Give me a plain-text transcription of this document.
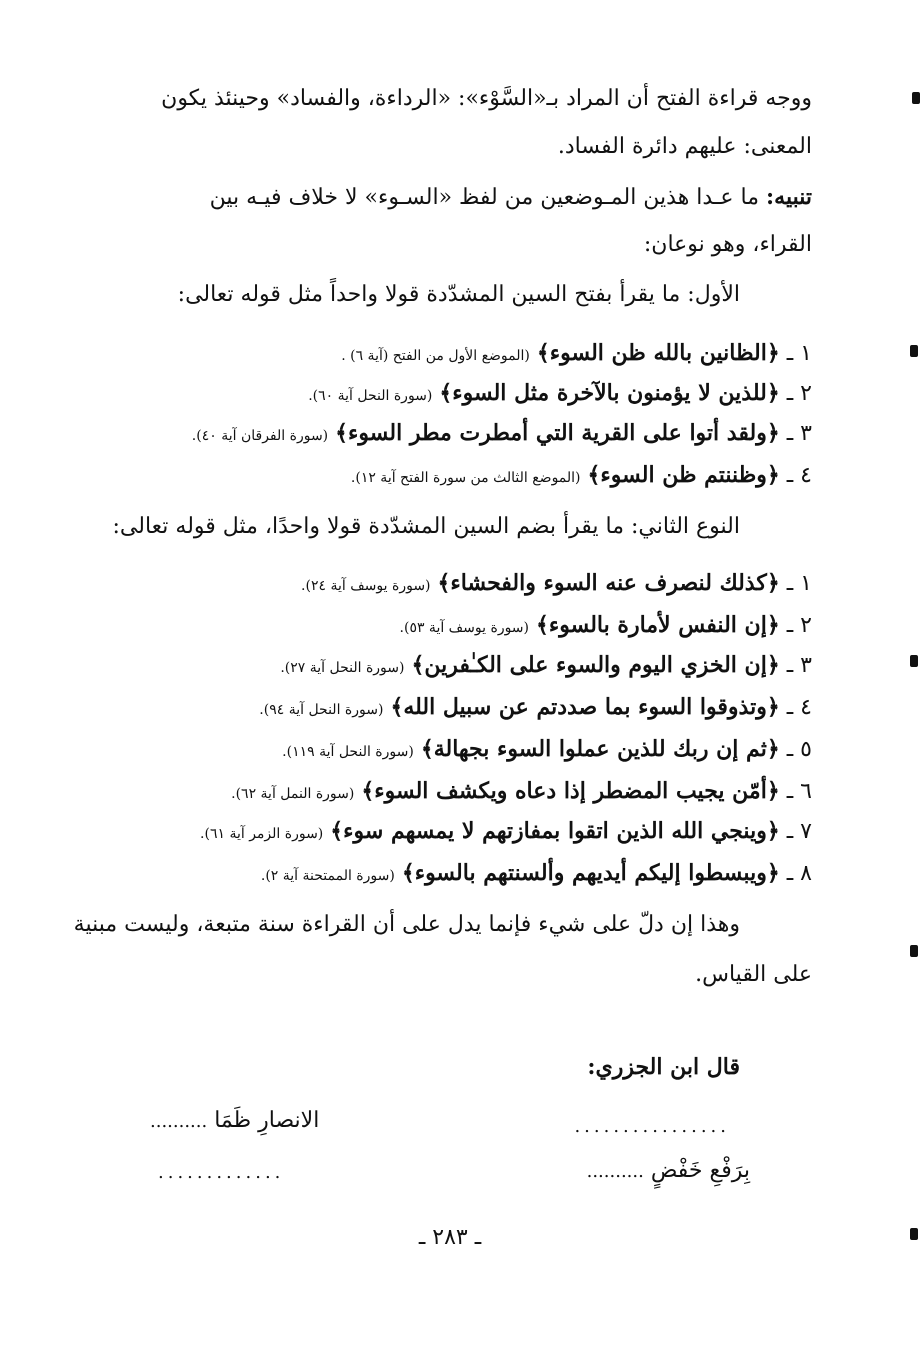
ووجه قراءة الفتح أن المراد بـ«السَّوْء»: «الرداءة، والفساد» وحينئذ يكون
المعنى: عليهم دائرة الفساد.
تنبيه: ما عـدا هذين المـوضعين من لفظ «السـوء» لا خلاف فيـه بين
القراء، وهو نوعان:
الأول: ما يقرأ بفتح السين المشدّدة قولا واحداً مثل قوله تعالى:
١ ـ ﴿الظانين بالله ظن السوء﴾ (الموضع الأول من الفتح (آية ٦) .
٢ ـ ﴿للذين لا يؤمنون بالآخرة مثل السوء﴾ (سورة النحل آية ٦٠).
٣ ـ ﴿ولقد أتوا على القرية التي أمطرت مطر السوء﴾ (سورة الفرقان آية ٤٠).
٤ ـ ﴿وظننتم ظن السوء﴾ (الموضع الثالث من سورة الفتح آية ١٢).
النوع الثاني: ما يقرأ بضم السين المشدّدة قولا واحدًا، مثل قوله تعالى:
١ ـ ﴿كذلك لنصرف عنه السوء والفحشاء﴾ (سورة يوسف آية ٢٤).
٢ ـ ﴿إن النفس لأمارة بالسوء﴾ (سورة يوسف آية ٥٣).
٣ ـ ﴿إن الخزي اليوم والسوء على الكـٰفرين﴾ (سورة النحل آية ٢٧).
٤ ـ ﴿وتذوقوا السوء بما صددتم عن سبيل الله﴾ (سورة النحل آية ٩٤).
٥ ـ ﴿ثم إن ربك للذين عملوا السوء بجهالة﴾ (سورة النحل آية ١١٩).
٦ ـ ﴿أمّن يجيب المضطر إذا دعاه ويكشف السوء﴾ (سورة النمل آية ٦٢).
٧ ـ ﴿وينجي الله الذين اتقوا بمفازتهم لا يمسهم سوء﴾ (سورة الزمر آية ٦١).
٨ ـ ﴿ويبسطوا إليكم أيديهم وألسنتهم بالسوء﴾ (سورة الممتحنة آية ٢).
وهذا إن دلّ على شيء فإنما يدل على أن القراءة سنة متبعة، وليست مبنية
على القياس.
قال ابن الجزري:
................
الانصارِ ظَمَا ..........
بِرَفْعِ خَفْضٍ ..........
.............
ـ ٢٨٣ ـ
